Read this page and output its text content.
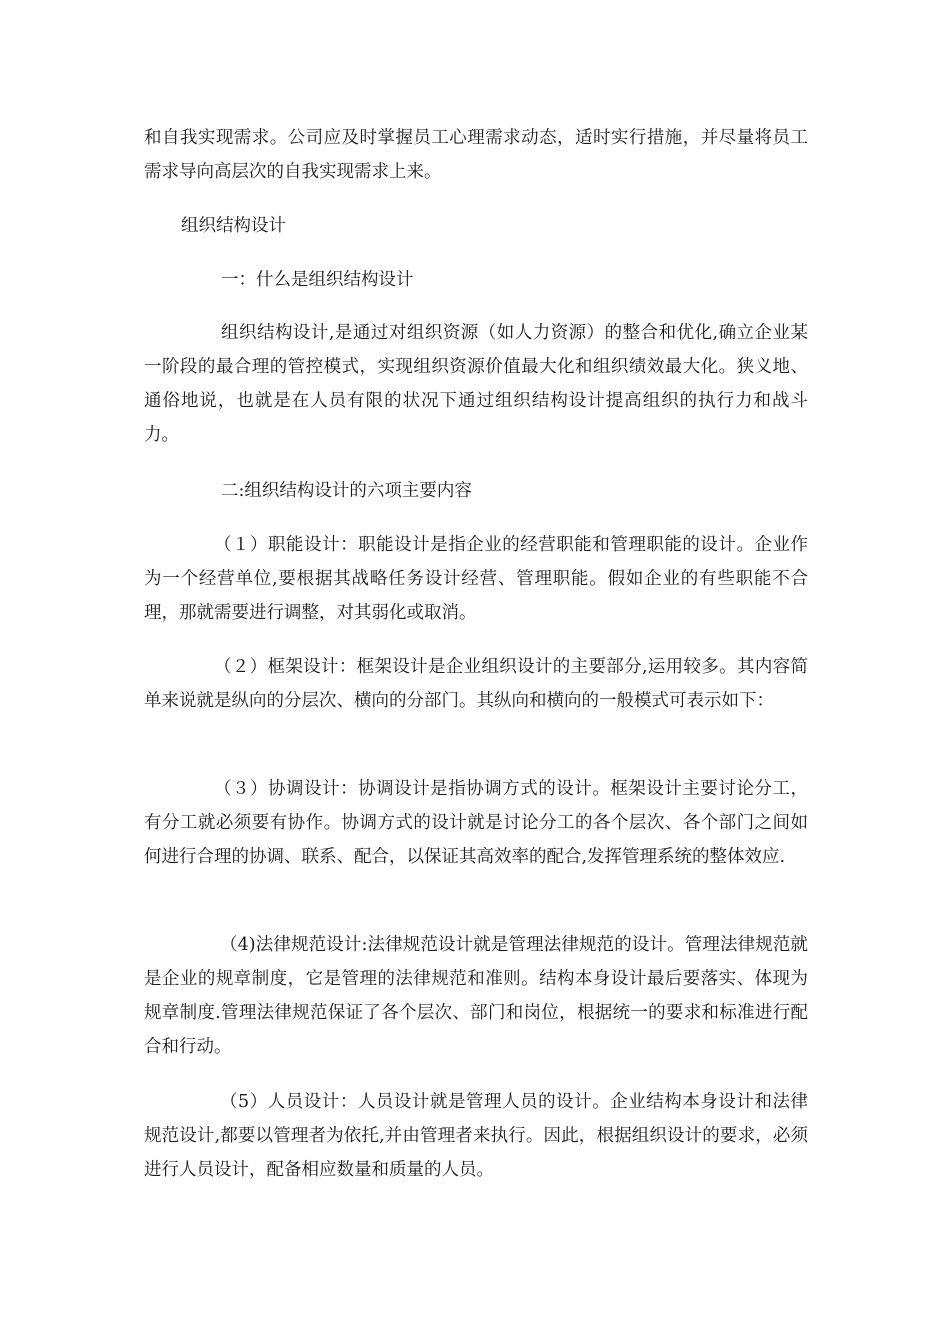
和自我实现需求。公司应及时掌握员工心理需求动态，适时实行措施，并尽量将员工需求导向高层次的自我实现需求上来。

组织结构设计

一：什么是组织结构设计

组织结构设计,是通过对组织资源（如人力资源）的整合和优化,确立企业某一阶段的最合理的管控模式，实现组织资源价值最大化和组织绩效最大化。狭义地、通俗地说，也就是在人员有限的状况下通过组织结构设计提高组织的执行力和战斗力。

二:组织结构设计的六项主要内容

（１）职能设计：职能设计是指企业的经营职能和管理职能的设计。企业作为一个经营单位,要根据其战略任务设计经营、管理职能。假如企业的有些职能不合理，那就需要进行调整，对其弱化或取消。

（２）框架设计：框架设计是企业组织设计的主要部分,运用较多。其内容简单来说就是纵向的分层次、横向的分部门。其纵向和横向的一般模式可表示如下：

（３）协调设计：协调设计是指协调方式的设计。框架设计主要讨论分工，有分工就必须要有协作。协调方式的设计就是讨论分工的各个层次、各个部门之间如何进行合理的协调、联系、配合，以保证其高效率的配合,发挥管理系统的整体效应.

（4)法律规范设计:法律规范设计就是管理法律规范的设计。管理法律规范就是企业的规章制度，它是管理的法律规范和准则。结构本身设计最后要落实、体现为规章制度.管理法律规范保证了各个层次、部门和岗位，根据统一的要求和标准进行配合和行动。

（5）人员设计：人员设计就是管理人员的设计。企业结构本身设计和法律规范设计,都要以管理者为依托,并由管理者来执行。因此，根据组织设计的要求，必须进行人员设计，配备相应数量和质量的人员。
